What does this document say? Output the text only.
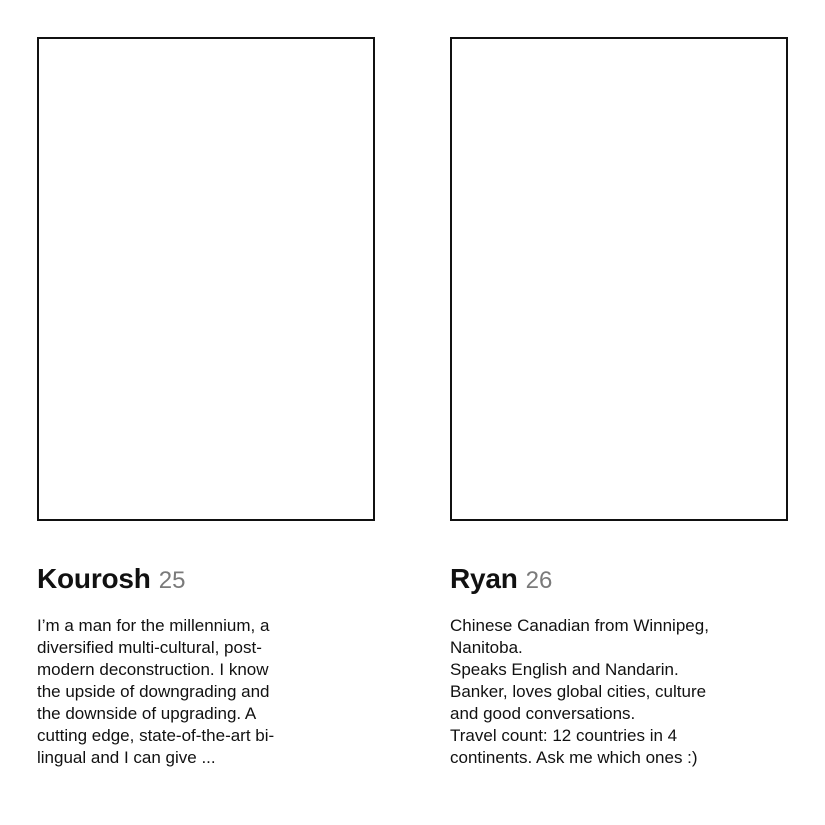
Kourosh 25
I’m a man for the millennium, a
diversified multi-cultural, post-
modern deconstruction. I know
the upside of downgrading and
the downside of upgrading. A
cutting edge, state-of-the-art bi-
lingual and I can give ...
Ryan 26
Chinese Canadian from Winnipeg,
Nanitoba.
Speaks English and Nandarin.
Banker, loves global cities, culture
and good conversations.
Travel count: 12 countries in 4
continents. Ask me which ones :)
